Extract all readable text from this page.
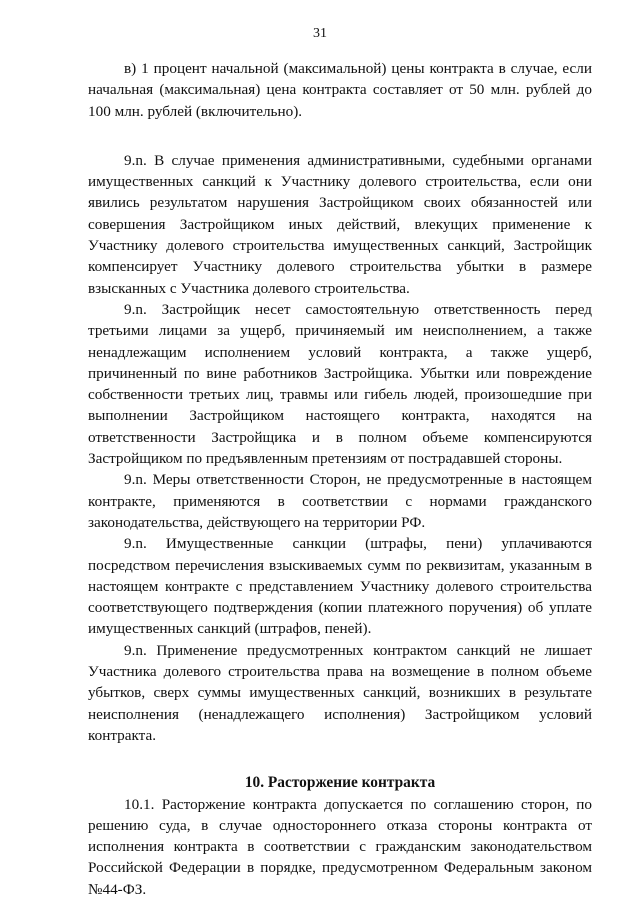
31

в) 1 процент начальной (максимальной) цены контракта в случае, если начальная (максимальная) цена контракта составляет от 50 млн. рублей до 100 млн. рублей (включительно).

9.n. В случае применения административными, судебными органами имущественных санкций к Участнику долевого строительства, если они явились результатом нарушения Застройщиком своих обязанностей или совершения Застройщиком иных действий, влекущих применение к Участнику долевого строительства имущественных санкций, Застройщик компенсирует Участнику долевого строительства убытки в размере взысканных с Участника долевого строительства.

9.n. Застройщик несет самостоятельную ответственность перед третьими лицами за ущерб, причиняемый им неисполнением, а также ненадлежащим исполнением условий контракта, а также ущерб, причиненный по вине работников Застройщика. Убытки или повреждение собственности третьих лиц, травмы или гибель людей, произошедшие при выполнении Застройщиком настоящего контракта, находятся на ответственности Застройщика и в полном объеме компенсируются Застройщиком по предъявленным претензиям от пострадавшей стороны.

9.n. Меры ответственности Сторон, не предусмотренные в настоящем контракте, применяются в соответствии с нормами гражданского законодательства, действующего на территории РФ.

9.n. Имущественные санкции (штрафы, пени) уплачиваются посредством перечисления взыскиваемых сумм по реквизитам, указанным в настоящем контракте с представлением Участнику долевого строительства соответствующего подтверждения (копии платежного поручения) об уплате имущественных санкций (штрафов, пеней).

9.n. Применение предусмотренных контрактом санкций не лишает Участника долевого строительства права на возмещение в полном объеме убытков, сверх суммы имущественных санкций, возникших в результате неисполнения (ненадлежащего исполнения) Застройщиком условий контракта.

10. Расторжение контракта

10.1. Расторжение контракта допускается по соглашению сторон, по решению суда, в случае одностороннего отказа стороны контракта от исполнения контракта в соответствии с гражданским законодательством Российской Федерации в порядке, предусмотренном Федеральным законом №44-ФЗ.
